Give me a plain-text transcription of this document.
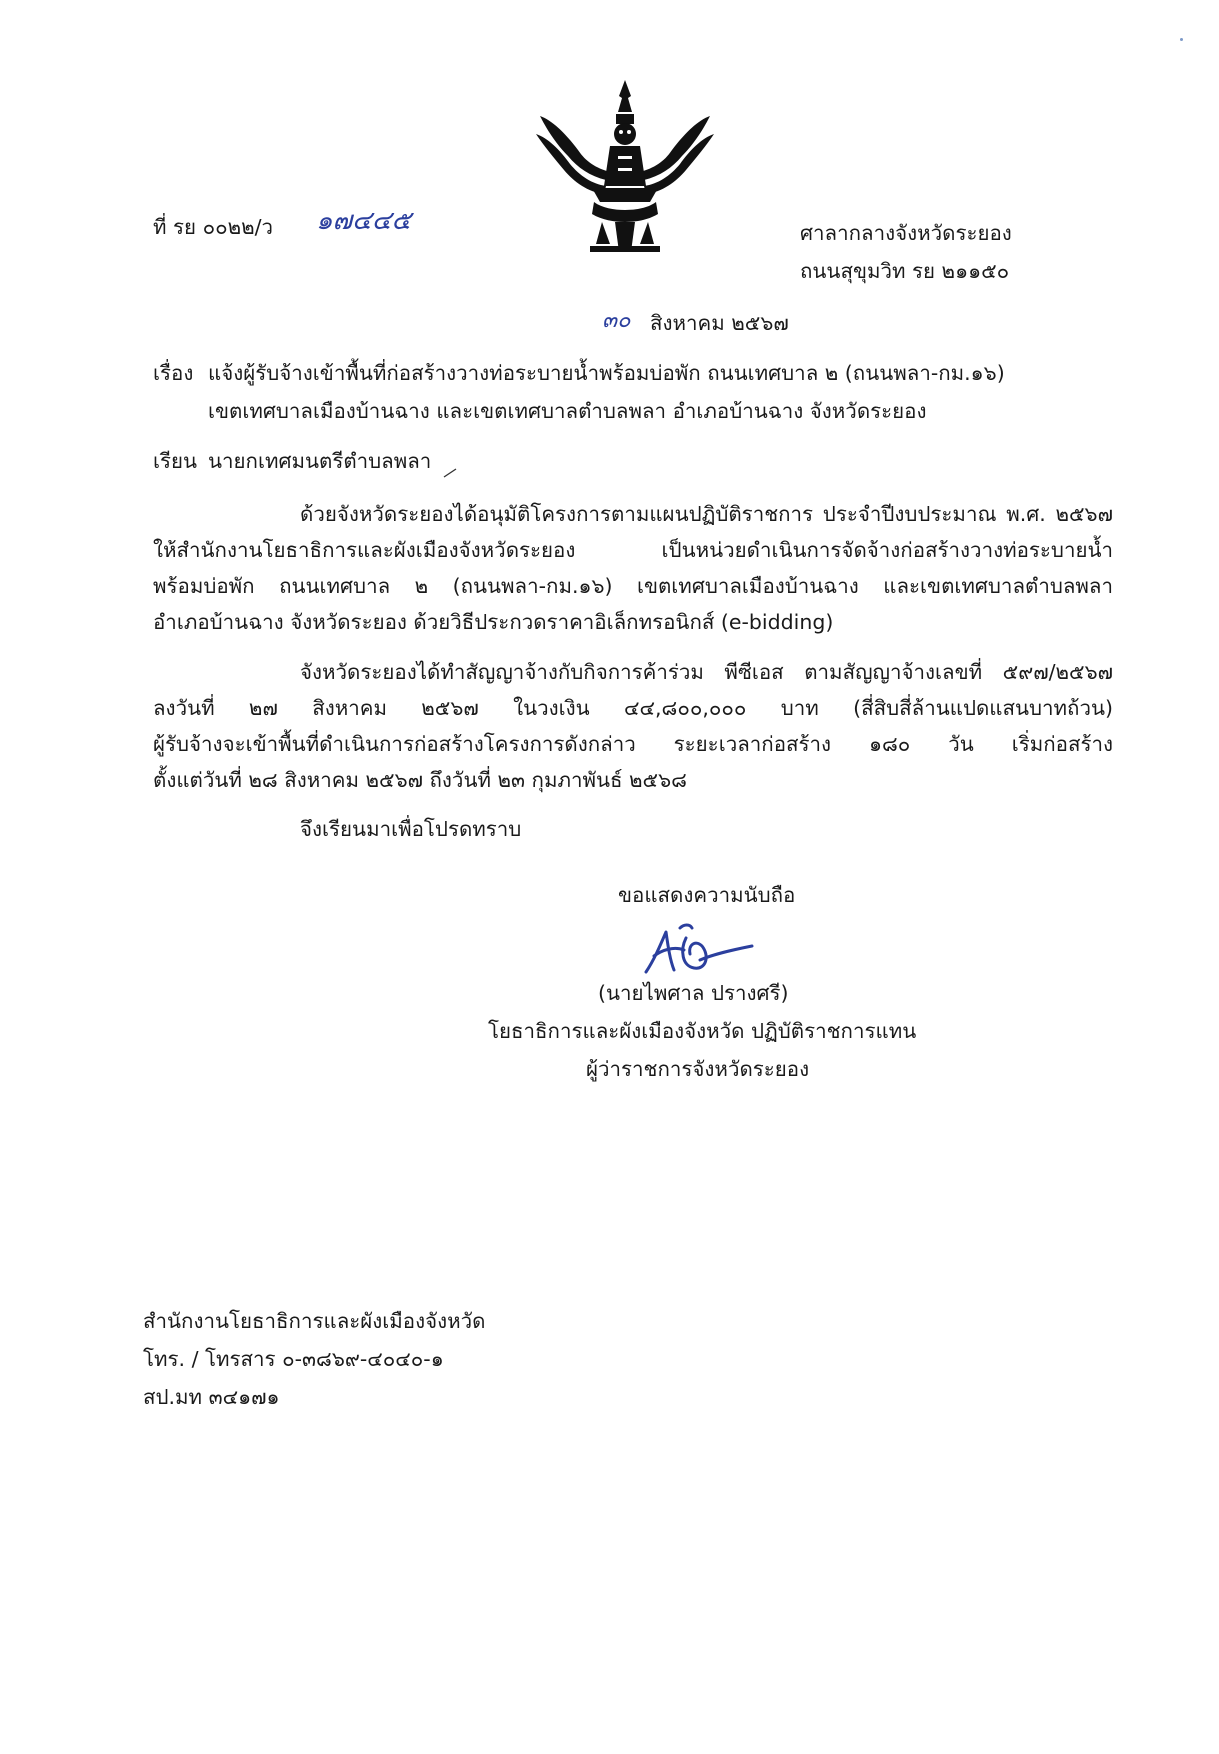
ที่ รย ๐๐๒๒/ว ๑๗๔๔๕	ศาลากลางจังหวัดระยอง
ถนนสุขุมวิท รย ๒๑๑๕๐
๓๐ สิงหาคม ๒๕๖๗
เรื่อง แจ้งผู้รับจ้างเข้าพื้นที่ก่อสร้างวางท่อระบายน้ำพร้อมบ่อพัก ถนนเทศบาล ๒ (ถนนพลา-กม.๑๖)
เขตเทศบาลเมืองบ้านฉาง และเขตเทศบาลตำบลพลา อำเภอบ้านฉาง จังหวัดระยอง
เรียน นายกเทศมนตรีตำบลพลา
ด้วยจังหวัดระยองได้อนุมัติโครงการตามแผนปฏิบัติราชการ ประจำปีงบประมาณ พ.ศ. ๒๕๖๗
ให้สำนักงานโยธาธิการและผังเมืองจังหวัดระยอง เป็นหน่วยดำเนินการจัดจ้างก่อสร้างวางท่อระบายน้ำ
พร้อมบ่อพัก ถนนเทศบาล ๒ (ถนนพลา-กม.๑๖) เขตเทศบาลเมืองบ้านฉาง และเขตเทศบาลตำบลพลา
อำเภอบ้านฉาง จังหวัดระยอง ด้วยวิธีประกวดราคาอิเล็กทรอนิกส์ (e-bidding)
จังหวัดระยองได้ทำสัญญาจ้างกับกิจการค้าร่วม พีซีเอส ตามสัญญาจ้างเลขที่ ๕๙๗/๒๕๖๗
ลงวันที่ ๒๗ สิงหาคม ๒๕๖๗ ในวงเงิน ๔๔,๘๐๐,๐๐๐ บาท (สี่สิบสี่ล้านแปดแสนบาทถ้วน)
ผู้รับจ้างจะเข้าพื้นที่ดำเนินการก่อสร้างโครงการดังกล่าว ระยะเวลาก่อสร้าง ๑๘๐ วัน เริ่มก่อสร้าง
ตั้งแต่วันที่ ๒๘ สิงหาคม ๒๕๖๗ ถึงวันที่ ๒๓ กุมภาพันธ์ ๒๕๖๘
จึงเรียนมาเพื่อโปรดทราบ
ขอแสดงความนับถือ
(นายไพศาล ปรางศรี)
โยธาธิการและผังเมืองจังหวัด ปฏิบัติราชการแทน
ผู้ว่าราชการจังหวัดระยอง
สำนักงานโยธาธิการและผังเมืองจังหวัด
โทร. / โทรสาร ๐-๓๘๖๙-๔๐๔๐-๑
สป.มท ๓๔๑๗๑
